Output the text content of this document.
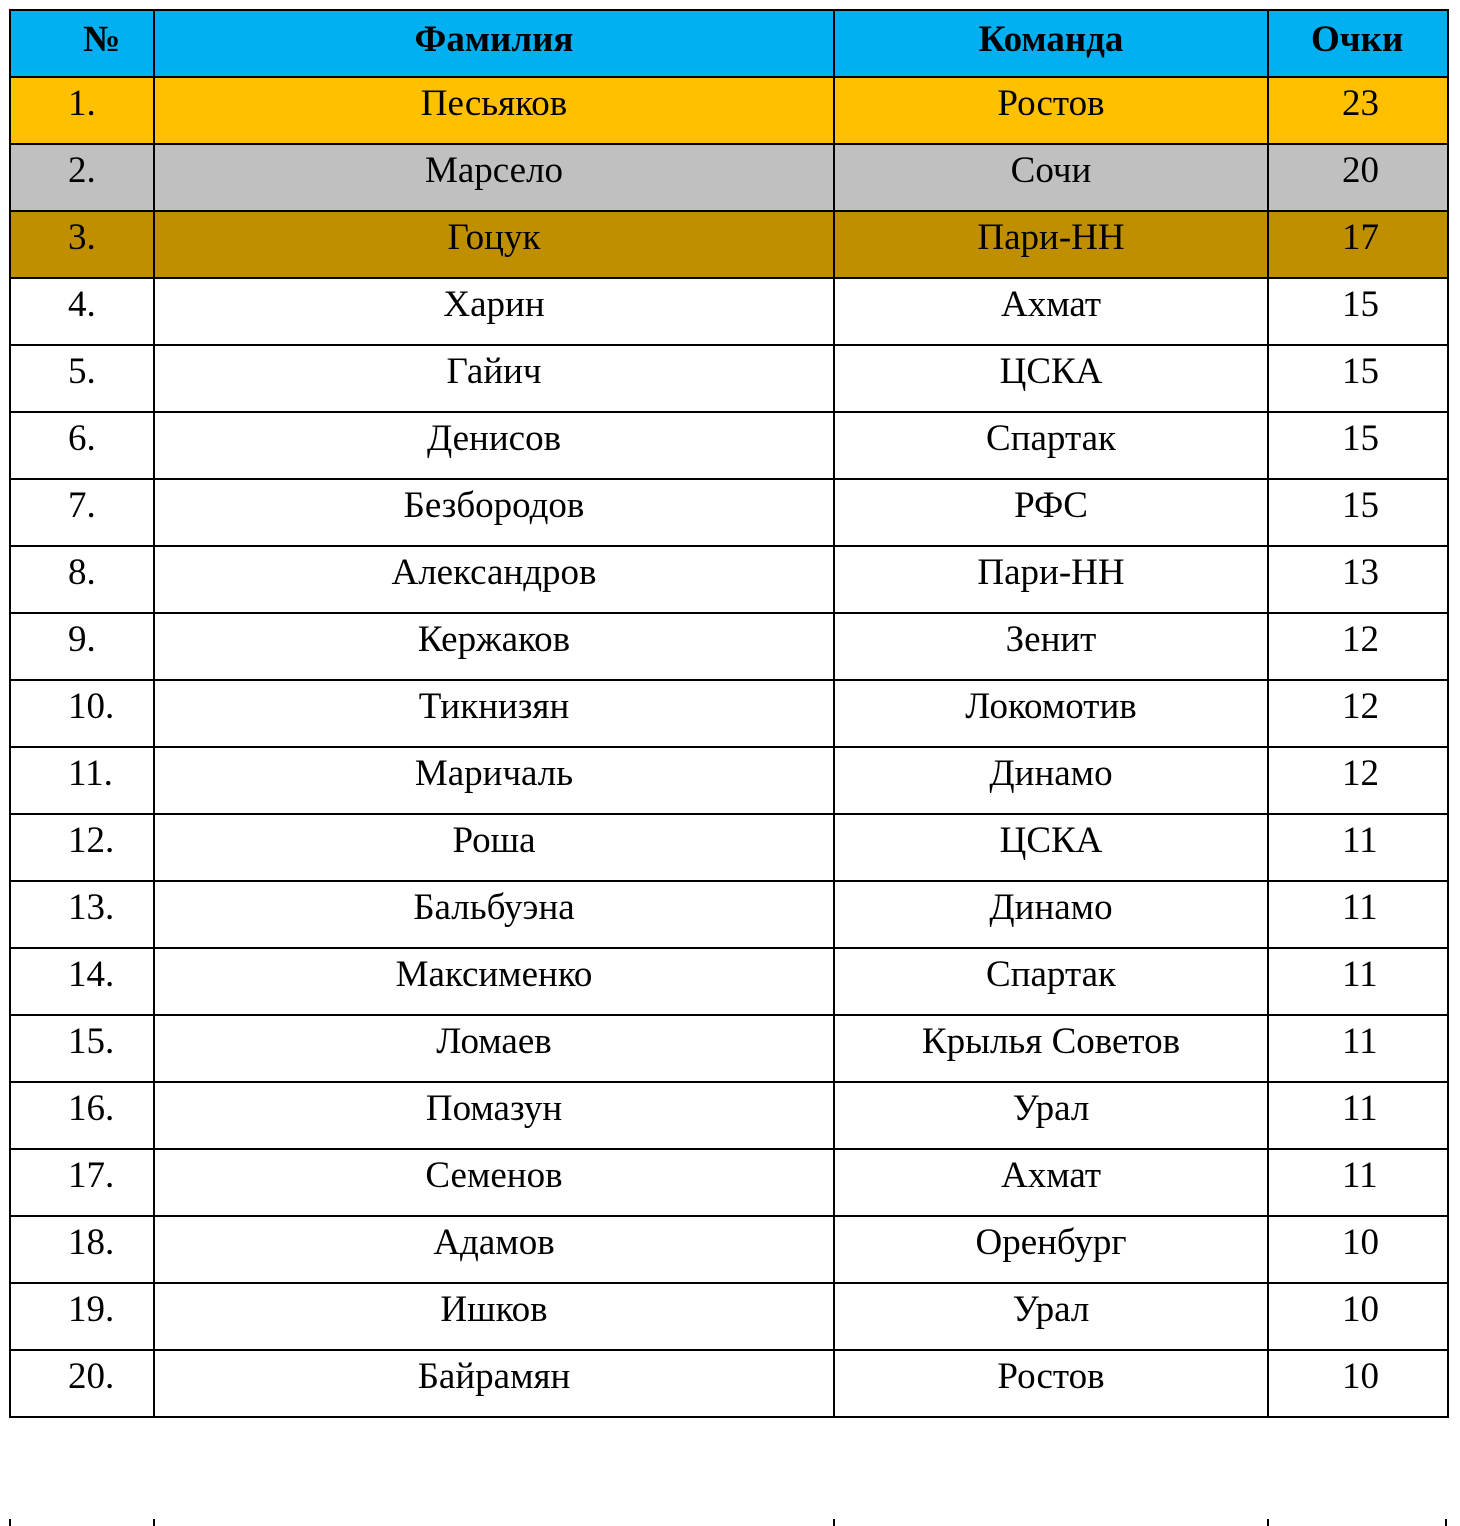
№	Фамилия	Команда	Очки
1.	Песьяков	Ростов	23
2.	Марсело	Сочи	20
3.	Гоцук	Пари-НН	17
4.	Харин	Ахмат	15
5.	Гайич	ЦСКА	15
6.	Денисов	Спартак	15
7.	Безбородов	РФС	15
8.	Александров	Пари-НН	13
9.	Кержаков	Зенит	12
10.	Тикнизян	Локомотив	12
11.	Маричаль	Динамо	12
12.	Роша	ЦСКА	11
13.	Бальбуэна	Динамо	11
14.	Максименко	Спартак	11
15.	Ломаев	Крылья Советов	11
16.	Помазун	Урал	11
17.	Семенов	Ахмат	11
18.	Адамов	Оренбург	10
19.	Ишков	Урал	10
20.	Байрамян	Ростов	10
